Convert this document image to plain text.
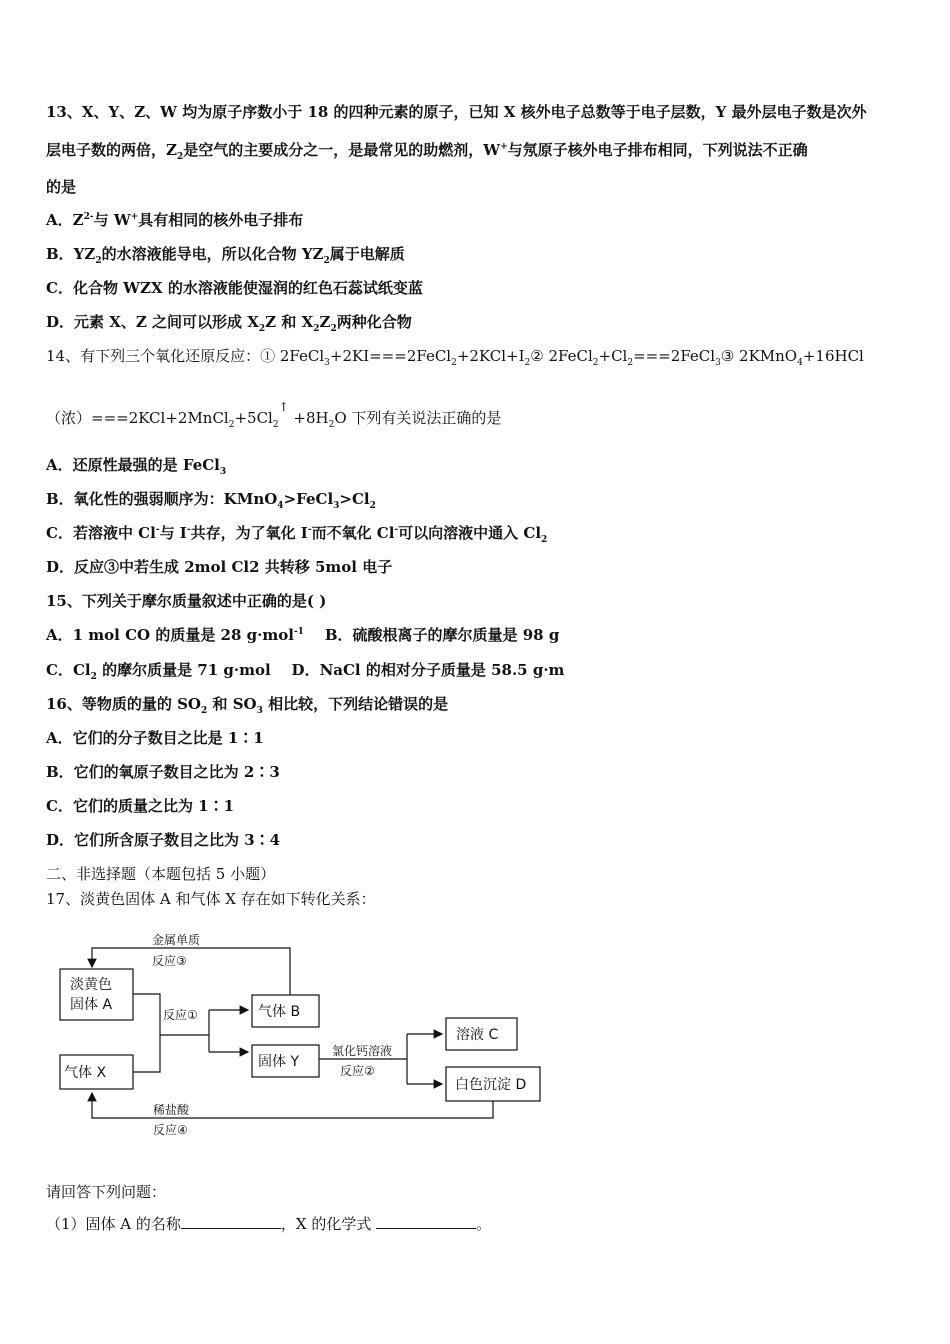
13、X、Y、Z、W 均为原子序数小于 18 的四种元素的原子，已知 X 核外电子总数等于电子层数，Y 最外层电子数是次外
层电子数的两倍，$Z_2$是空气的主要成分之一，是最常见的助燃剂，W+与氖原子核外电子排布相同，下列说法不正确
的是
A．$Z^{2-}$与 W+具有相同的核外电子排布
B．$YZ_2$的水溶液能导电，所以化合物 $YZ_2$属于电解质
C．化合物 WZX 的水溶液能使湿润的红色石蕊试纸变蓝
D．元素 X、Z 之间可以形成 $X_2Z$ 和 $X_2Z_2$两种化合物
14、有下列三个氧化还原反应：① $2FeCl_3+2KI===2FeCl_2+2KCl+I_2②$ $2FeCl_2+Cl_2===2FeCl_3③$ 2KMnO$_4$+16HCl
（浓）$===2KCl+2MnCl_2+5Cl_2^↑ +8H_2O$ 下列有关说法正确的是
A．还原性最强的是 FeCl$_3$
B．氧化性的强弱顺序为：$KMnO_4>FeCl_3>Cl_2$
C．若溶液中 Cl-与 I-共存，为了氧化 I-而不氧化 Cl-可以向溶液中通入 $Cl_2$
D．反应③中若生成 2mol Cl2 共转移 5mol 电子
15、下列关于摩尔质量叙述中正确的是( )
A．1 mol CO 的质量是 28 g·mol$^{-1}$    B．硫酸根离子的摩尔质量是 98 g
C．$Cl_2$ 的摩尔质量是 71 g·mol    D．NaCl 的相对分子质量是 58.5 g·m
16、等物质的量的 $SO_2$ 和 $SO_3$ 相比较，下列结论错误的是
A．它们的分子数目之比是 1∶1
B．它们的氧原子数目之比为 2∶3
C．它们的质量之比为 1∶1
D．它们所含原子数目之比为 3∶4
二、非选择题（本题包括 5 小题）
17、淡黄色固体 A 和气体 X 存在如下转化关系：
淡黄色
固体 A
气体 X
气体 B
固体 Y
溶液 C
白色沉淀 D
金属单质
反应③
反应①
氯化钙溶液
反应②
稀盐酸
反应④
请回答下列问题：
（1）固体 A 的名称	，X 的化学式	。
